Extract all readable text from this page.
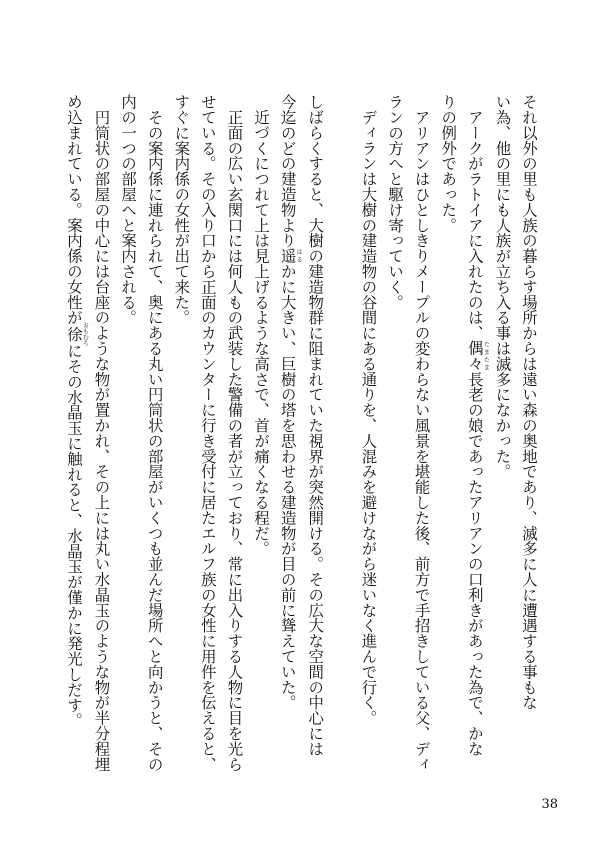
それ以外の里も人族の暮らす場所からは遠い森の奥地であり、滅多に人に遭遇する事もな
い為、他の里にも人族が立ち入る事は滅多になかった。
　アークがラトイアに入れたのは、偶々たまたま長老の娘であったアリアンの口利きがあった為で、かな
りの例外であった。
　アリアンはひとしきりメープルの変わらない風景を堪能した後、前方で手招きしている父、ディ
ランの方へと駆け寄っていく。
　ディランは大樹の建造物の谷間にある通りを、人混みを避けながら迷いなく進んで行く。
しばらくすると、大樹の建造物群に阻まれていた視界が突然開ける。その広大な空間の中心には
今迄のどの建造物より遥はるかに大きい、巨樹の塔を思わせる建造物が目の前に聳えていた。
　近づくにつれて上は見上げるような高さで、首が痛くなる程だ。
　正面の広い玄関口には何人もの武装した警備の者が立っており、常に出入りする人物に目を光ら
せている。その入り口から正面のカウンターに行き受付に居たエルフ族の女性に用件を伝えると、
すぐに案内係の女性が出て来た。
　その案内係に連れられて、奥にある丸い円筒状の部屋がいくつも並んだ場所へと向かうと、その
内の一つの部屋へと案内される。
　円筒状の部屋の中心には台座のような物が置かれ、その上には丸い水晶玉のような物が半分程埋
め込まれている。案内係の女性が徐おもむろにその水晶玉に触れると、水晶玉が僅かに発光しだす。
38
